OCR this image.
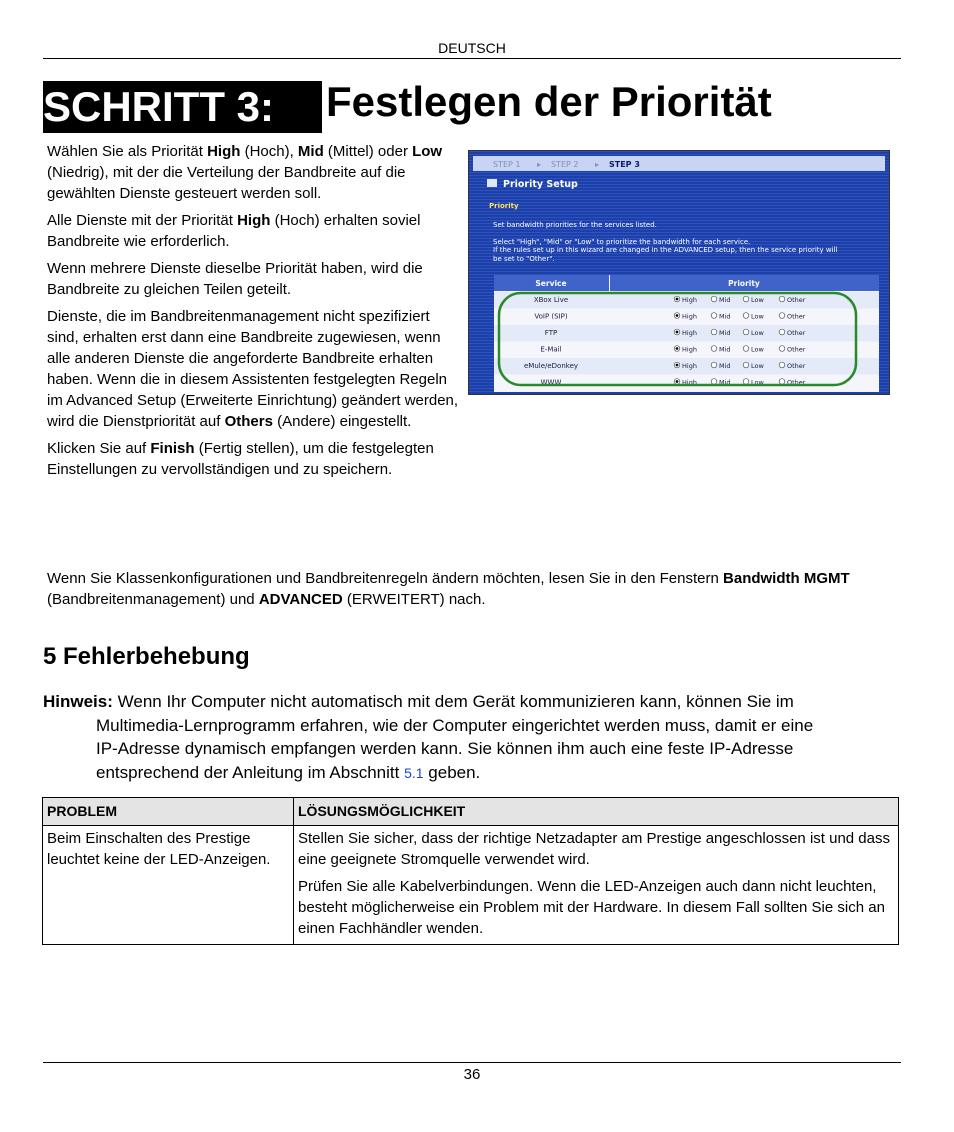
DEUTSCH
SCHRITT 3:	Festlegen der Priorität

Wählen Sie als Priorität High (Hoch), Mid (Mittel) oder Low (Niedrig), mit der die Verteilung der Bandbreite auf die gewählten Dienste gesteuert werden soll.

Alle Dienste mit der Priorität High (Hoch) erhalten soviel Bandbreite wie erforderlich.

Wenn mehrere Dienste dieselbe Priorität haben, wird die Bandbreite zu gleichen Teilen geteilt.

Dienste, die im Bandbreitenmanagement nicht spezifiziert sind, erhalten erst dann eine Bandbreite zugewiesen, wenn alle anderen Dienste die angeforderte Bandbreite erhalten haben. Wenn die in diesem Assistenten festgelegten Regeln im Advanced Setup (Erweiterte Einrichtung) geändert werden, wird die Dienstpriorität auf Others (Andere) eingestellt.

Klicken Sie auf Finish (Fertig stellen), um die festgelegten Einstellungen zu vervollständigen und zu speichern.

STEP 1 ▸ STEP 2 ▸ STEP 3
Priority Setup
Priority
Set bandwidth priorities for the services listed.
Select "High", "Mid" or "Low" to prioritize the bandwidth for each service.
If the rules set up in this wizard are changed in the ADVANCED setup, then the service priority will
be set to "Other".
Service	Priority
XBox Live	High	Mid	Low	Other
VoIP (SIP)	High	Mid	Low	Other
FTP	High	Mid	Low	Other
E-Mail	High	Mid	Low	Other
eMule/eDonkey	High	Mid	Low	Other
WWW	High	Mid	Low	Other
Wenn Sie Klassenkonfigurationen und Bandbreitenregeln ändern möchten, lesen Sie in den Fenstern Bandwidth MGMT (Bandbreitenmanagement) und ADVANCED (ERWEITERT) nach.
5 Fehlerbehebung
Hinweis: Wenn Ihr Computer nicht automatisch mit dem Gerät kommunizieren kann, können Sie im
Multimedia-Lernprogramm erfahren, wie der Computer eingerichtet werden muss, damit er eine
IP-Adresse dynamisch empfangen werden kann. Sie können ihm auch eine feste IP-Adresse
entsprechend der Anleitung im Abschnitt 5.1 geben.
PROBLEM	LÖSUNGSMÖGLICHKEIT
Beim Einschalten des Prestige leuchtet keine der LED-Anzeigen.	Stellen Sie sicher, dass der richtige Netzadapter am Prestige angeschlossen ist und dass eine geeignete Stromquelle verwendet wird.

Prüfen Sie alle Kabelverbindungen. Wenn die LED-Anzeigen auch dann nicht leuchten, besteht möglicherweise ein Problem mit der Hardware. In diesem Fall sollten Sie sich an einen Fachhändler wenden.

36
